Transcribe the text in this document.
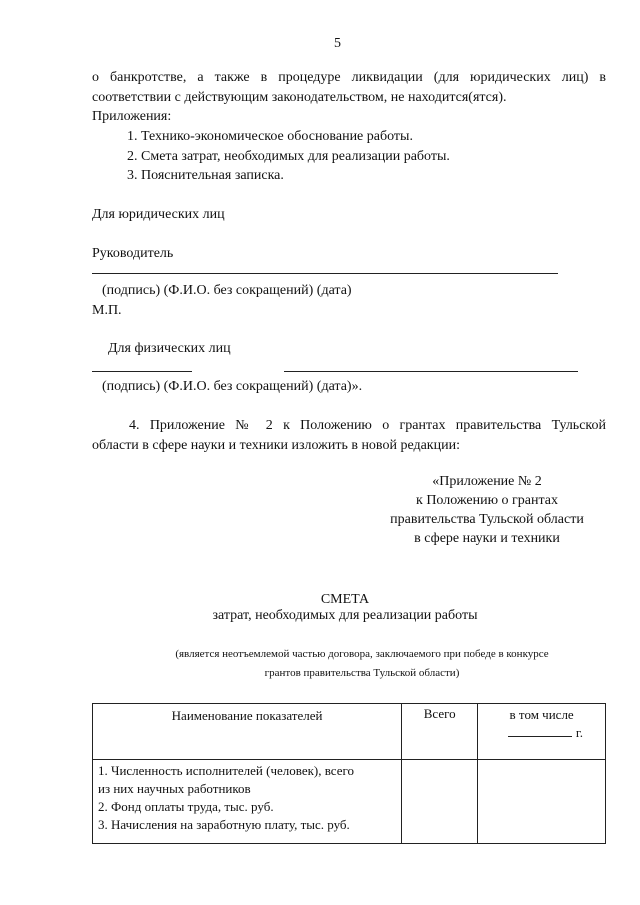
5
о банкротстве, а также в процедуре ликвидации (для юридических лиц) в
соответствии с действующим законодательством, не находится(ятся).
Приложения:
1. Технико-экономическое обоснование работы.
2. Смета затрат, необходимых для реализации работы.
3. Пояснительная записка.
Для юридических лиц
Руководитель
(подпись) (Ф.И.О. без сокращений) (дата)
М.П.
Для физических лиц
(подпись) (Ф.И.О. без сокращений) (дата)».
4. Приложение № 2 к Положению о грантах правительства Тульской
области в сфере науки и техники изложить в новой редакции:
«Приложение № 2
к Положению о грантах
правительства Тульской области
в сфере науки и техники
СМЕТА
затрат, необходимых для реализации работы
(является неотъемлемой частью договора, заключаемого при победе в конкурсе
грантов правительства Тульской области)
Наименование показателей	Всего	в том числе
г.

1. Численность исполнителей (человек), всего
из них научных работников
2. Фонд оплаты труда, тыс. руб.
3. Начисления на заработную плату, тыс. руб.		
